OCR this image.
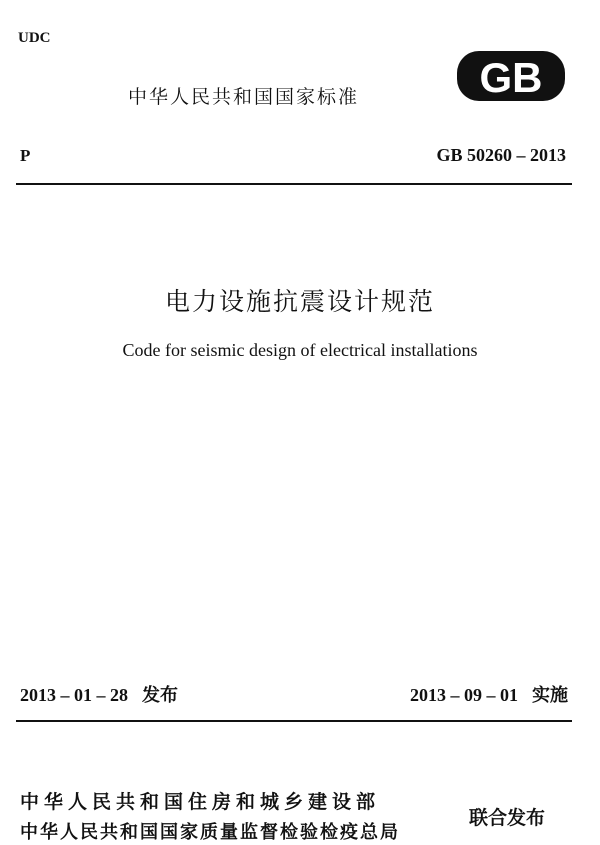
UDC
中华人民共和国国家标准	GB
P	GB 50260 – 2013
电力设施抗震设计规范
Code for seismic design of electrical installations
2013 – 01 – 28 发布	2013 – 09 – 01 实施
中华人民共和国住房和城乡建设部
中华人民共和国国家质量监督检验检疫总局
联合发布
